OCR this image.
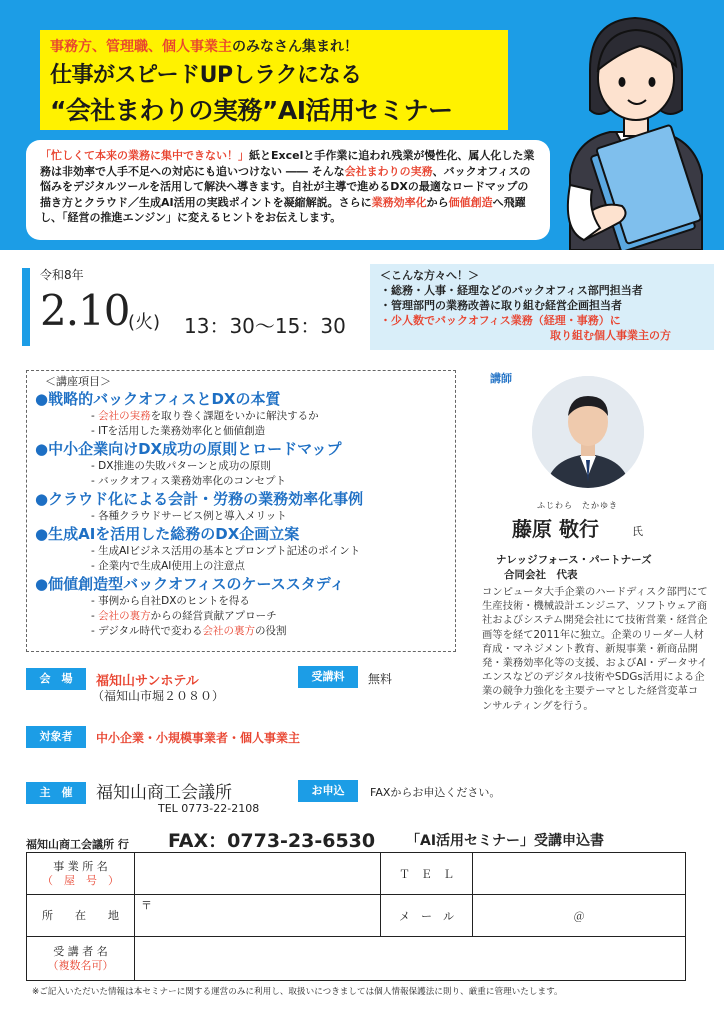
事務方、管理職、個人事業主のみなさん集まれ！
仕事がスピードUPしラクになる
“会社まわりの実務”AI活用セミナー
「忙しくて本来の業務に集中できない！」紙とExcelと手作業に追われ残業が慢性化、属人化した業務は非効率で人手不足への対応にも追いつけない ―― そんな会社まわりの実務、バックオフィスの悩みをデジタルツールを活用して解決へ導きます。自社が主導で進めるDXの最適なロードマップの描き方とクラウド／生成AI活用の実践ポイントを凝縮解説。さらに業務効率化から価値創造へ飛躍し、「経営の推進エンジン」に変えるヒントをお伝えします。
令和8年
2.10
(火) 13：30〜15：30
＜こんな方々へ！＞
・総務・人事・経理などのバックオフィス部門担当者
・管理部門の業務改善に取り組む経営企画担当者
・少人数でバックオフィス業務（経理・事務）に
取り組む個人事業主の方
＜講座項目＞
●戦略的バックオフィスとDXの本質
- 会社の実務を取り巻く課題をいかに解決するか
- ITを活用した業務効率化と価値創造
●中小企業向けDX成功の原則とロードマップ
- DX推進の失敗パターンと成功の原則
- バックオフィス業務効率化のコンセプト
●クラウド化による会計・労務の業務効率化事例
- 各種クラウドサービス例と導入メリット
●生成AIを活用した総務のDX企画立案
- 生成AIビジネス活用の基本とプロンプト記述のポイント
- 企業内で生成AI使用上の注意点
●価値創造型バックオフィスのケーススタディ
- 事例から自社DXのヒントを得る
- 会社の裏方からの経営貢献アプローチ
- デジタル時代で変わる会社の裏方の役割
講師
ふじわら　たかゆき
藤原 敬行	氏
ナレッジフォース・パートナーズ
合同会社　代表
コンピュータ大手企業のハードディスク部門にて生産技術・機械設計エンジニア、ソフトウェア商社およびシステム開発会社にて技術営業・経営企画等を経て2011年に独立。企業のリーダー人材育成・マネジメント教育、新規事業・新商品開発・業務効率化等の支援、およびAI・データサイエンスなどのデジタル技術やSDGs活用による企業の競争力強化を主要テーマとした経営変革コンサルティングを行う。
会　場	福知山サンホテル
（福知山市堀２０８０）
受講料	無料
対象者	中小企業・小規模事業者・個人事業主
主　催	福知山商工会議所
TEL 0773-22-2108
お申込	FAXからお申込ください。
福知山商工会議所 行 FAX：0773-23-6530 「AI活用セミナー」受講申込書
事 業 所 名
（　屋　号　）		Ｔ　Ｅ　Ｌ	
所　　在　　地	〒	メ　ー　ル	＠

受 講 者 名
（複数名可）			

※ご記入いただいた情報は本セミナーに関する運営のみに利用し、取扱いにつきましては個人情報保護法に則り、厳重に管理いたします。
